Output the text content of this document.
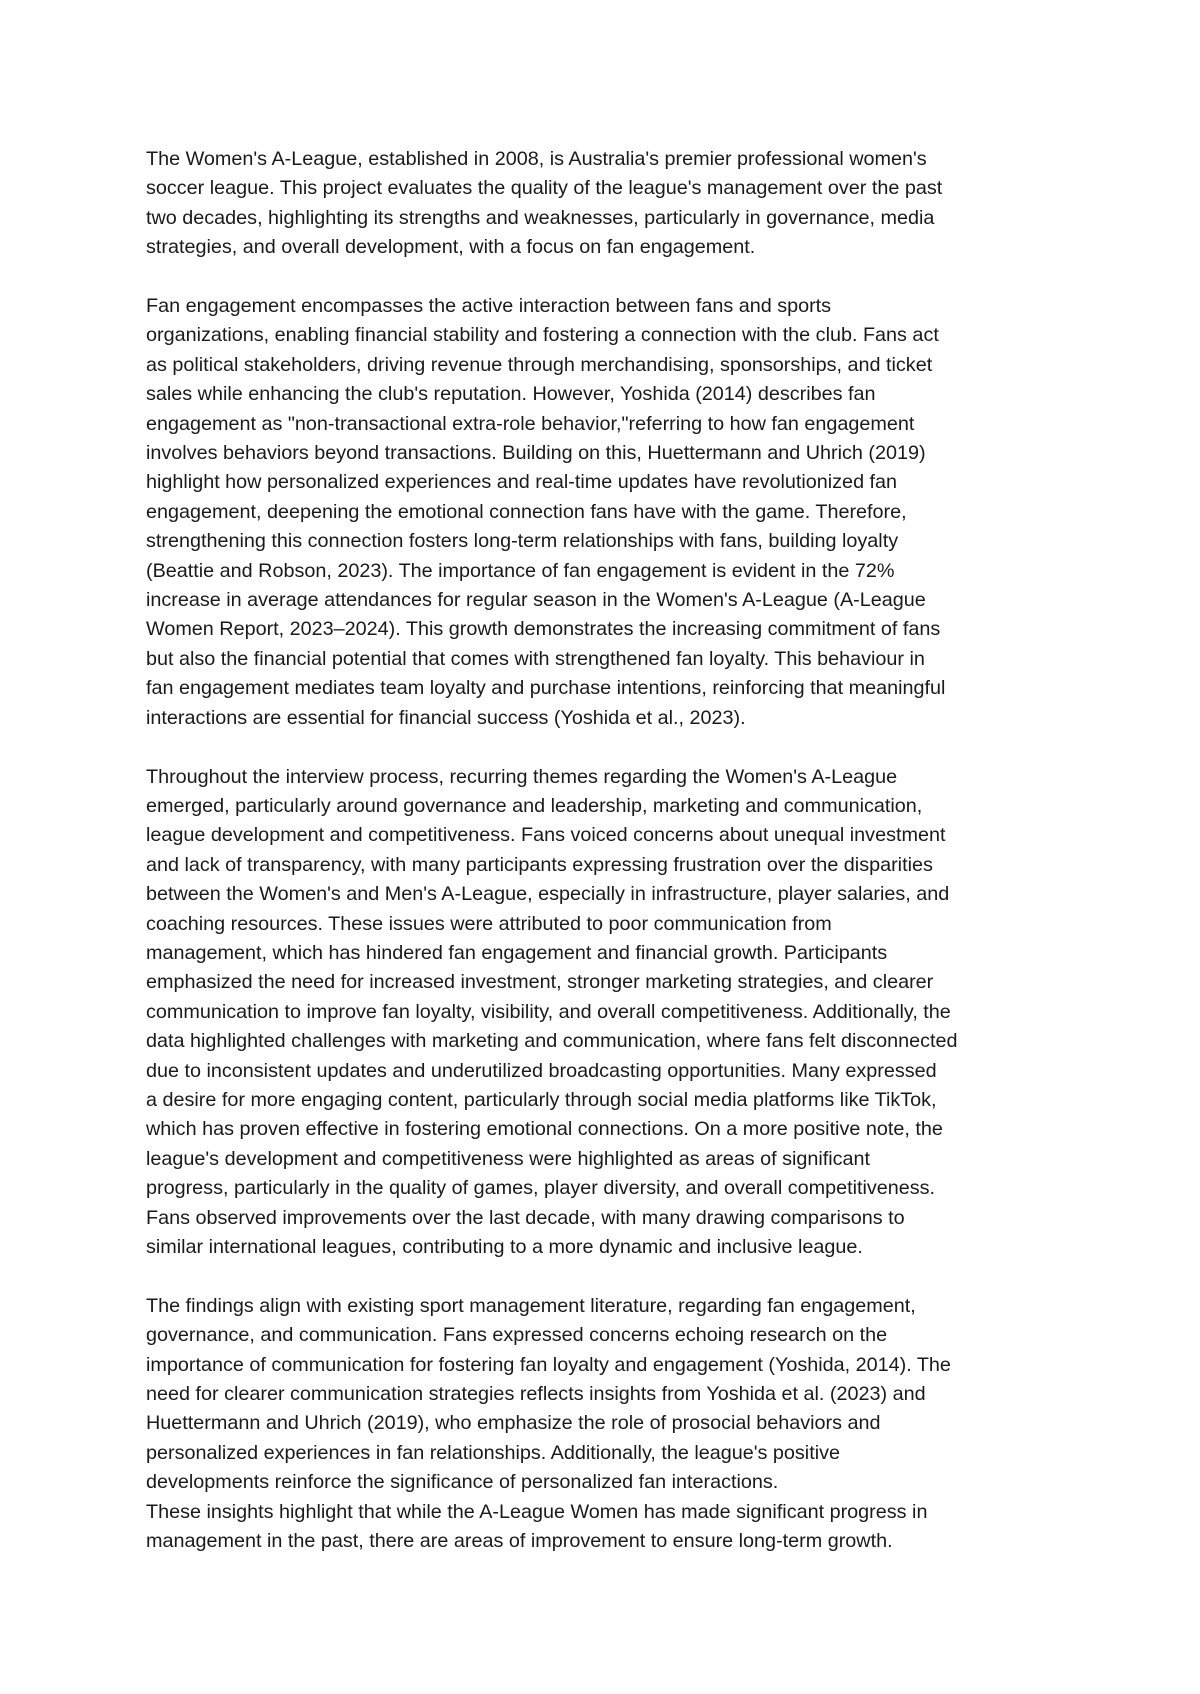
The Women's A-League, established in 2008, is Australia's premier professional women's
soccer league. This project evaluates the quality of the league's management over the past
two decades, highlighting its strengths and weaknesses, particularly in governance, media
strategies, and overall development, with a focus on fan engagement.

Fan engagement encompasses the active interaction between fans and sports
organizations, enabling financial stability and fostering a connection with the club. Fans act
as political stakeholders, driving revenue through merchandising, sponsorships, and ticket
sales while enhancing the club's reputation. However, Yoshida (2014) describes fan
engagement as "non-transactional extra-role behavior,"referring to how fan engagement
involves behaviors beyond transactions. Building on this, Huettermann and Uhrich (2019)
highlight how personalized experiences and real-time updates have revolutionized fan
engagement, deepening the emotional connection fans have with the game. Therefore,
strengthening this connection fosters long-term relationships with fans, building loyalty
(Beattie and Robson, 2023). The importance of fan engagement is evident in the 72%
increase in average attendances for regular season in the Women's A-League (A-League
Women Report, 2023–2024). This growth demonstrates the increasing commitment of fans
but also the financial potential that comes with strengthened fan loyalty. This behaviour in
fan engagement mediates team loyalty and purchase intentions, reinforcing that meaningful
interactions are essential for financial success (Yoshida et al., 2023).

Throughout the interview process, recurring themes regarding the Women's A-League
emerged, particularly around governance and leadership, marketing and communication,
league development and competitiveness. Fans voiced concerns about unequal investment
and lack of transparency, with many participants expressing frustration over the disparities
between the Women's and Men's A-League, especially in infrastructure, player salaries, and
coaching resources. These issues were attributed to poor communication from
management, which has hindered fan engagement and financial growth. Participants
emphasized the need for increased investment, stronger marketing strategies, and clearer
communication to improve fan loyalty, visibility, and overall competitiveness. Additionally, the
data highlighted challenges with marketing and communication, where fans felt disconnected
due to inconsistent updates and underutilized broadcasting opportunities. Many expressed
a desire for more engaging content, particularly through social media platforms like TikTok,
which has proven effective in fostering emotional connections. On a more positive note, the
league's development and competitiveness were highlighted as areas of significant
progress, particularly in the quality of games, player diversity, and overall competitiveness.
Fans observed improvements over the last decade, with many drawing comparisons to
similar international leagues, contributing to a more dynamic and inclusive league.

The findings align with existing sport management literature, regarding fan engagement,
governance, and communication. Fans expressed concerns echoing research on the
importance of communication for fostering fan loyalty and engagement (Yoshida, 2014). The
need for clearer communication strategies reflects insights from Yoshida et al. (2023) and
Huettermann and Uhrich (2019), who emphasize the role of prosocial behaviors and
personalized experiences in fan relationships. Additionally, the league's positive
developments reinforce the significance of personalized fan interactions.

These insights highlight that while the A-League Women has made significant progress in
management in the past, there are areas of improvement to ensure long-term growth.
